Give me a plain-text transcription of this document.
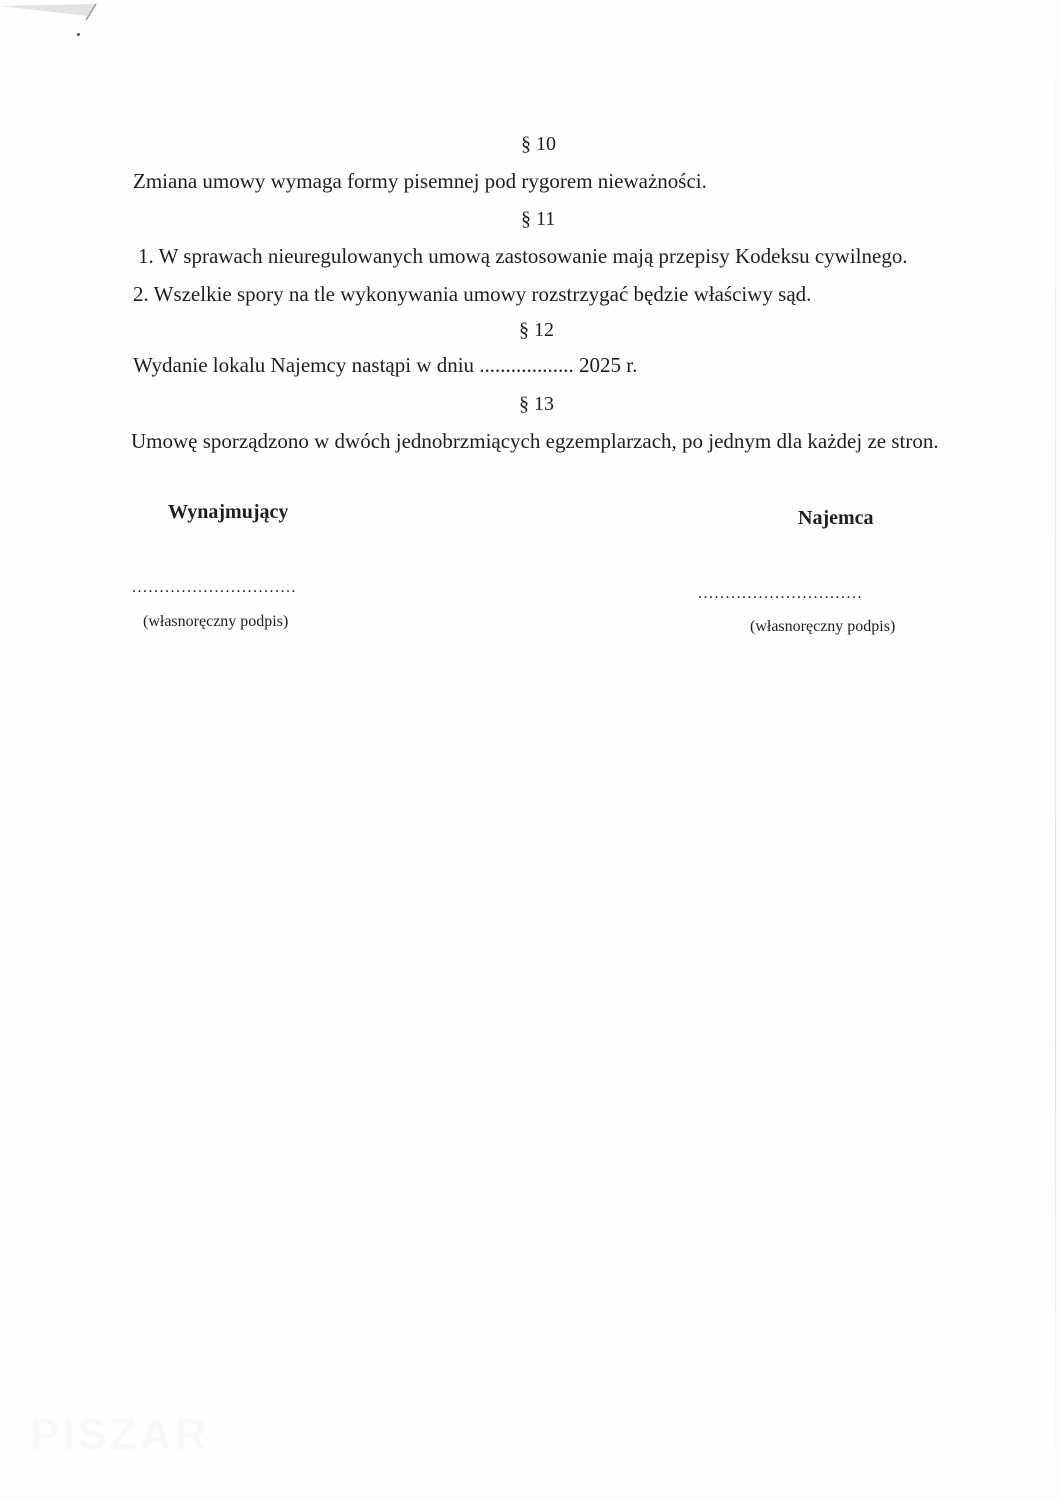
§ 10
Zmiana umowy wymaga formy pisemnej pod rygorem nieważności.
§ 11
1. W sprawach nieuregulowanych umową zastosowanie mają przepisy Kodeksu cywilnego.
2. Wszelkie spory na tle wykonywania umowy rozstrzygać będzie właściwy sąd.
§ 12
Wydanie lokalu Najemcy nastąpi w dniu .................. 2025 r.
§ 13
Umowę sporządzono w dwóch jednobrzmiących egzemplarzach, po jednym dla każdej ze stron.
Wynajmujący	Najemca
..............................	..............................
(własnoręczny podpis)	(własnoręczny podpis)
